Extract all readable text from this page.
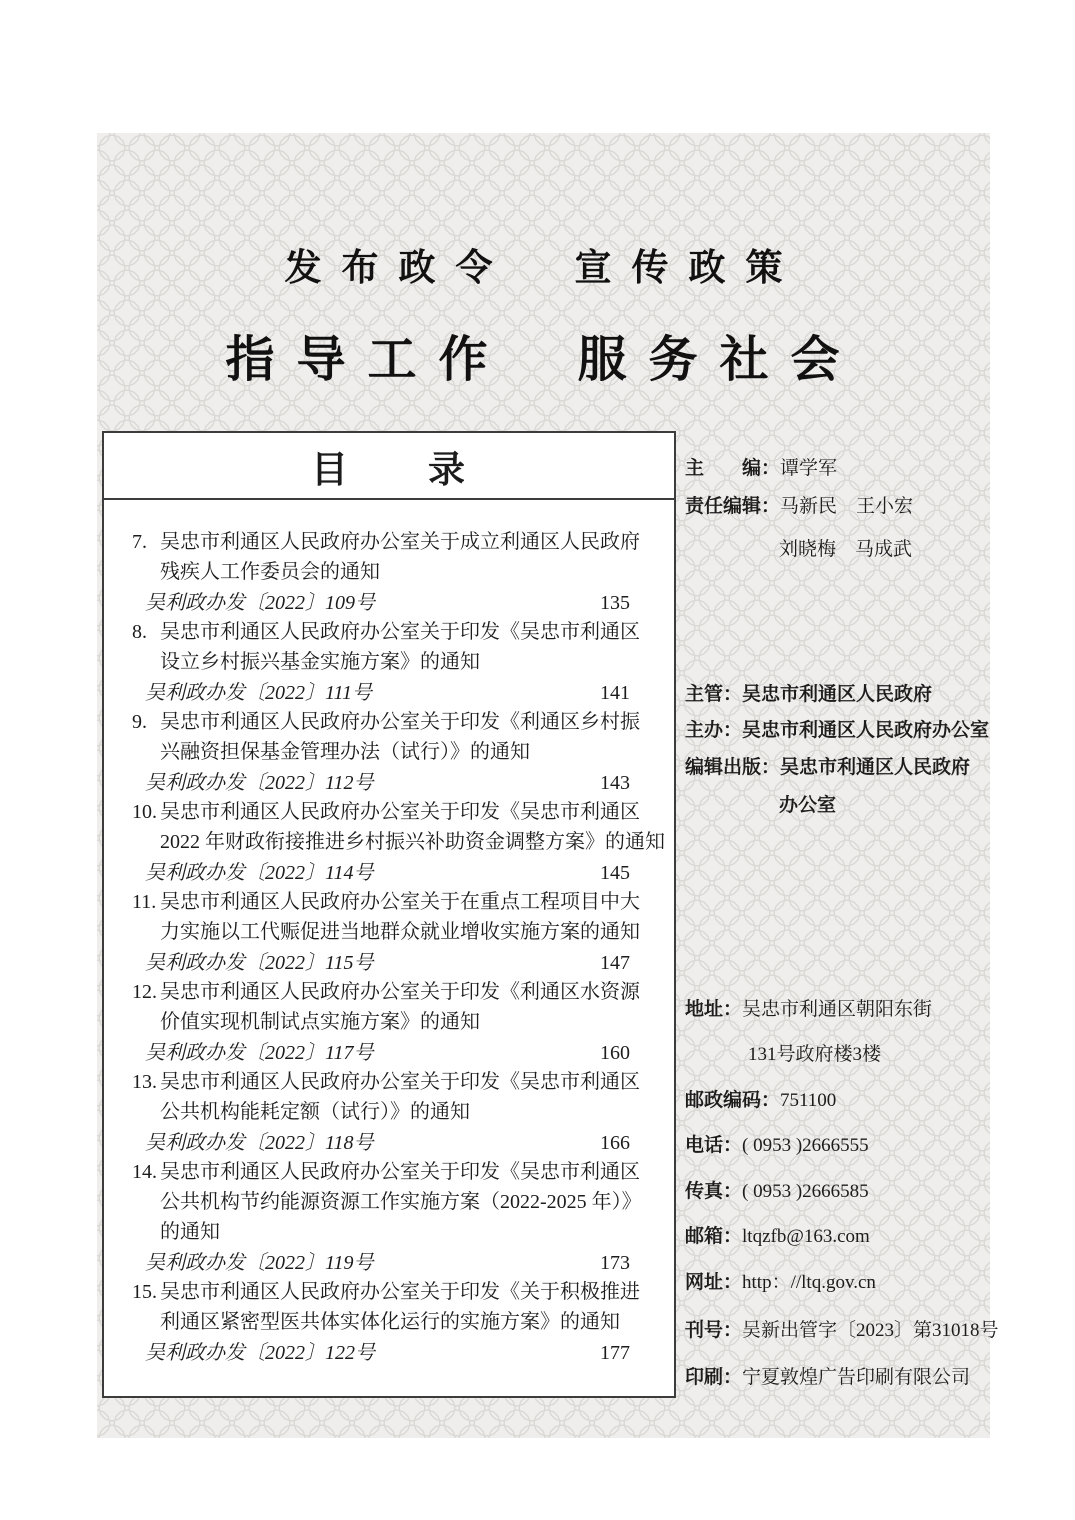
发布政令 宣传政策
指导工作 服务社会
目　　录
7. 吴忠市利通区人民政府办公室关于成立利通区人民政府
残疾人工作委员会的通知
吴利政办发〔2022〕109号	135
8. 吴忠市利通区人民政府办公室关于印发《吴忠市利通区
设立乡村振兴基金实施方案》的通知
吴利政办发〔2022〕111号	141
9. 吴忠市利通区人民政府办公室关于印发《利通区乡村振
兴融资担保基金管理办法（试行）》的通知
吴利政办发〔2022〕112号	143
10. 吴忠市利通区人民政府办公室关于印发《吴忠市利通区
2022 年财政衔接推进乡村振兴补助资金调整方案》的通知
吴利政办发〔2022〕114号	145
11. 吴忠市利通区人民政府办公室关于在重点工程项目中大
力实施以工代赈促进当地群众就业增收实施方案的通知
吴利政办发〔2022〕115号	147
12. 吴忠市利通区人民政府办公室关于印发《利通区水资源
价值实现机制试点实施方案》的通知
吴利政办发〔2022〕117号	160
13. 吴忠市利通区人民政府办公室关于印发《吴忠市利通区
公共机构能耗定额（试行）》的通知
吴利政办发〔2022〕118号	166
14. 吴忠市利通区人民政府办公室关于印发《吴忠市利通区
公共机构节约能源资源工作实施方案（2022-2025 年）》
的通知
吴利政办发〔2022〕119号	173
15. 吴忠市利通区人民政府办公室关于印发《关于积极推进
利通区紧密型医共体实体化运行的实施方案》的通知
吴利政办发〔2022〕122号	177
主　　编：谭学军
责任编辑：马新民　王小宏
刘晓梅　马成武
主管：吴忠市利通区人民政府
主办：吴忠市利通区人民政府办公室
编辑出版：吴忠市利通区人民政府
办公室
地址：吴忠市利通区朝阳东街
131号政府楼3楼
邮政编码：751100
电话：( 0953 )2666555
传真：( 0953 )2666585
邮箱：ltqzfb@163.com
网址：http：//ltq.gov.cn
刊号：吴新出管字〔2023〕第31018号
印刷：宁夏敦煌广告印刷有限公司
